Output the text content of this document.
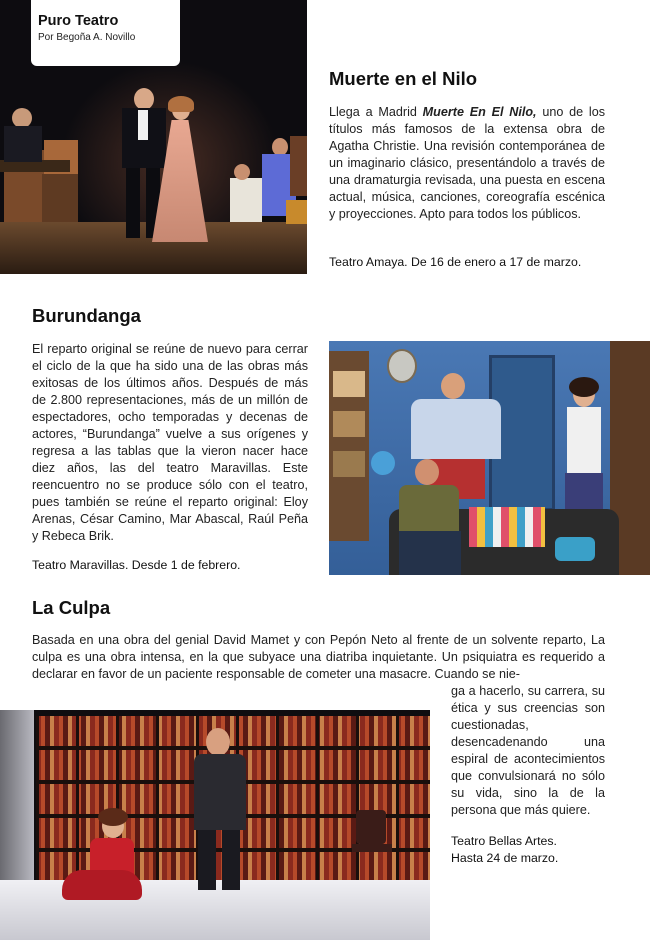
Puro Teatro
Por Begoña A. Novillo
Muerte en el Nilo
Llega a Madrid Muerte En El Nilo, uno de los títulos más famosos de la extensa obra de Agatha Christie. Una revisión contemporánea de un imaginario clásico, presentándolo a través de una dramaturgia revisada, una puesta en escena actual, música, canciones, coreografía escénica y proyecciones. Apto para todos los públicos.
Teatro Amaya. De 16 de enero a 17 de marzo.
Burundanga
El reparto original se reúne de nuevo para cerrar el ciclo de la que ha sido una de las obras más exitosas de los últimos años. Después de más de 2.800 representaciones, más de un millón de espectadores, ocho temporadas y decenas de actores, “Burundanga” vuelve a sus orígenes y regresa a las tablas que la vieron nacer hace diez años, las del teatro Maravillas. Este reencuentro no se produce sólo con el teatro, pues también se reúne el reparto original: Eloy Arenas, César Camino, Mar Abascal, Raúl Peña y Rebeca Brik.
Teatro Maravillas. Desde 1 de febrero.
La Culpa
Basada en una obra del genial David Mamet y con Pepón Neto al frente de un solvente reparto, La culpa es una obra intensa, en la que subyace una diatriba inquietante. Un psiquiatra es requerido a declarar en favor de un paciente responsable de cometer una masacre. Cuando se nie-
ga a hacerlo, su carrera, su ética y sus creencias son cuestionadas, desencadenando una espiral de acontecimientos que convulsionará no sólo su vida, sino la de la persona que más quiere.
Teatro Bellas Artes.
Hasta 24 de marzo.
